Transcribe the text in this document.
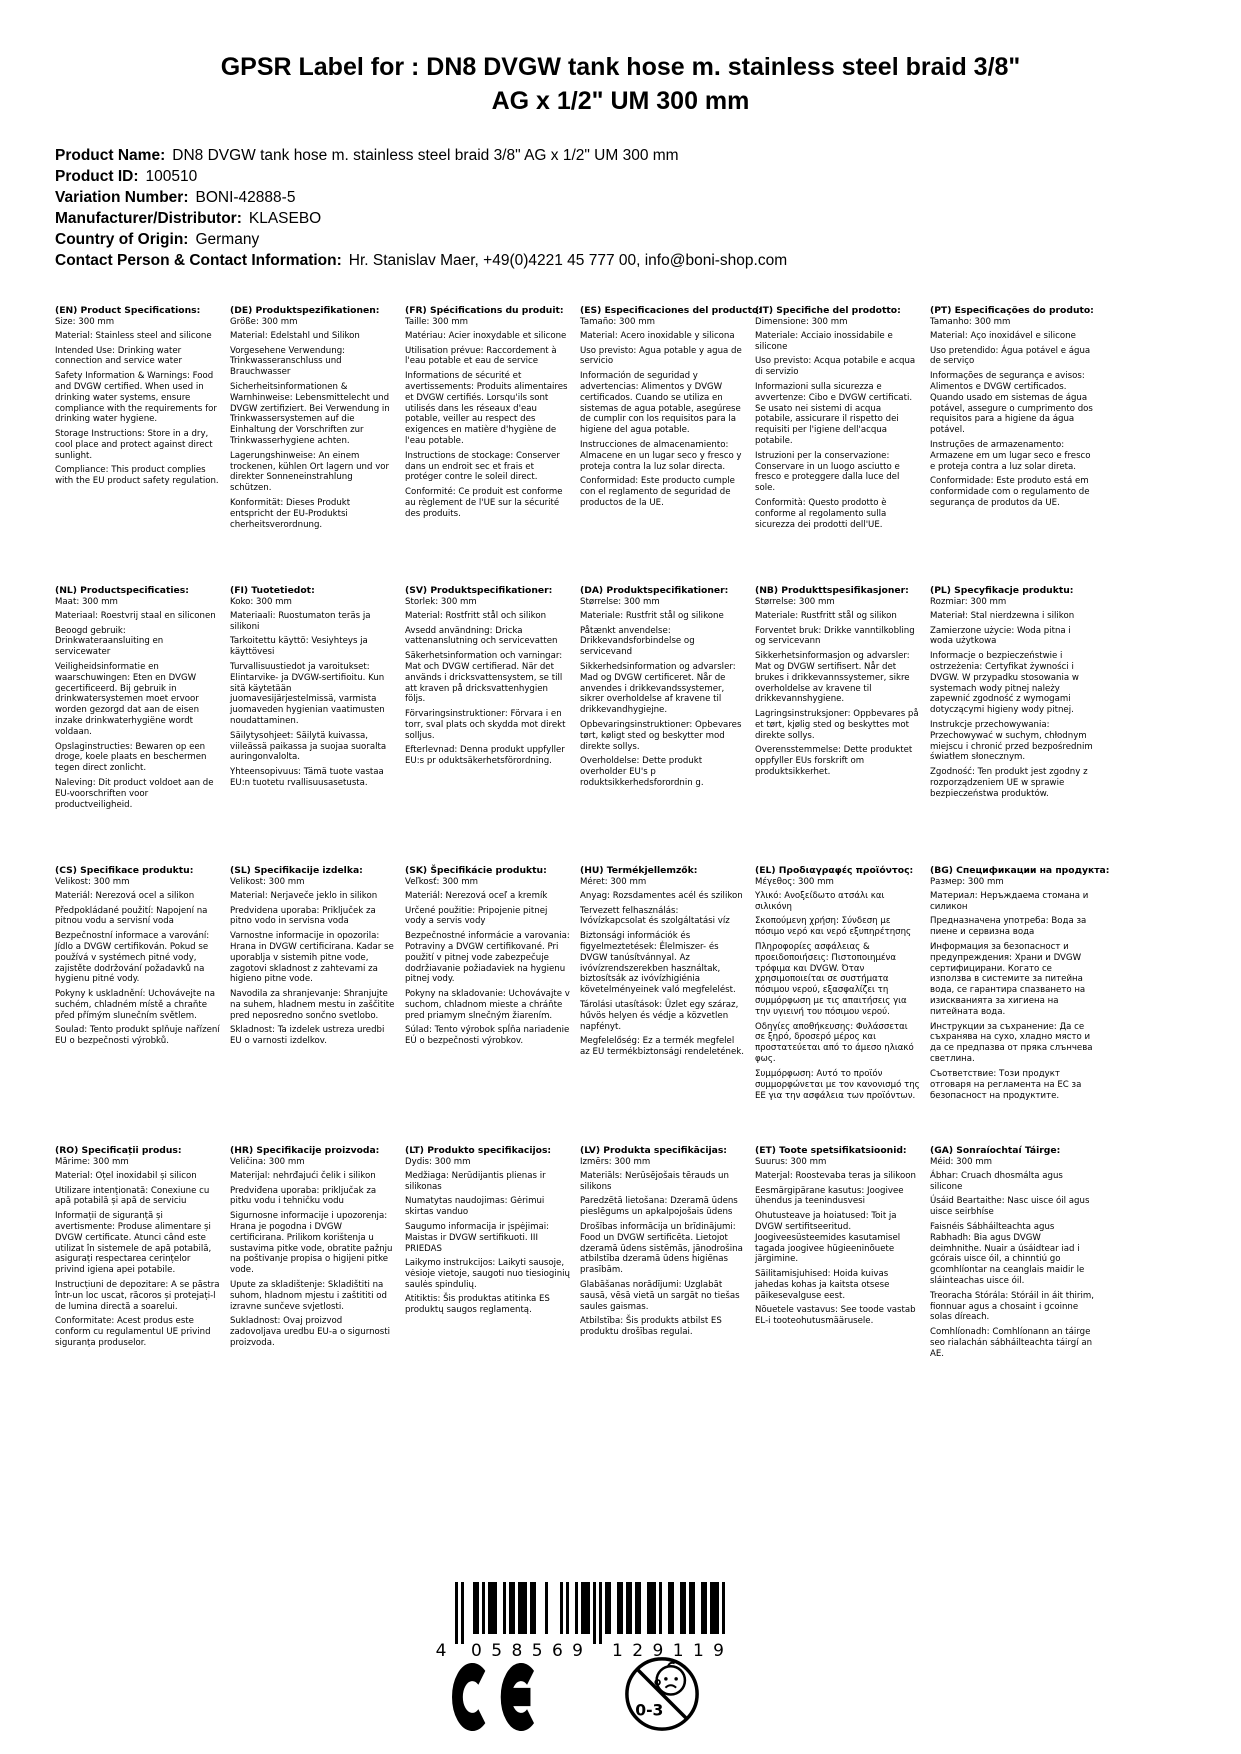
GPSR Label for : DN8 DVGW tank hose m. stainless steel braid 3/8"
AG x 1/2" UM 300 mm
Product Name: DN8 DVGW tank hose m. stainless steel braid 3/8" AG x 1/2" UM 300 mm
Product ID: 100510
Variation Number: BONI-42888-5
Manufacturer/Distributor: KLASEBO
Country of Origin: Germany
Contact Person & Contact Information: Hr. Stanislav Maer, +49(0)4221 45 777 00, info@boni-shop.com
(EN) Product Specifications:

Size: 300 mm

Material: Stainless steel and silicone

Intended Use: Drinking water connection and service water

Safety Information & Warnings: Food and DVGW certified. When used in drinking water systems, ensure compliance with the requirements for drinking water hygiene.

Storage Instructions: Store in a dry, cool place and protect against direct sunlight.

Compliance: This product complies with the EU product safety regulation.

(DE) Produktspezifikationen:

Größe: 300 mm

Material: Edelstahl und Silikon

Vorgesehene Verwendung: Trinkwasseranschluss und Brauchwasser

Sicherheitsinformationen & Warnhinweise: Lebensmittelecht und DVGW zertifiziert. Bei Verwendung in Trinkwassersystemen auf die Einhaltung der Vorschriften zur Trinkwasserhygiene achten.

Lagerungshinweise: An einem trockenen, kühlen Ort lagern und vor direkter Sonneneinstrahlung schützen.

Konformität: Dieses Produkt entspricht der EU-Produktsi cherheitsverordnung.

(FR) Spécifications du produit:

Taille: 300 mm

Matériau: Acier inoxydable et silicone

Utilisation prévue: Raccordement à l'eau potable et eau de service

Informations de sécurité et avertissements: Produits alimentaires et DVGW certifiés. Lorsqu'ils sont utilisés dans les réseaux d'eau potable, veiller au respect des exigences en matière d'hygiène de l'eau potable.

Instructions de stockage: Conserver dans un endroit sec et frais et protéger contre le soleil direct.

Conformité: Ce produit est conforme au règlement de l'UE sur la sécurité des produits.

(ES) Especificaciones del producto:

Tamaño: 300 mm

Material: Acero inoxidable y silicona

Uso previsto: Agua potable y agua de servicio

Información de seguridad y advertencias: Alimentos y DVGW certificados. Cuando se utiliza en sistemas de agua potable, asegúrese de cumplir con los requisitos para la higiene del agua potable.

Instrucciones de almacenamiento: Almacene en un lugar seco y fresco y proteja contra la luz solar directa.

Conformidad: Este producto cumple con el reglamento de seguridad de productos de la UE.

(IT) Specifiche del prodotto:

Dimensione: 300 mm

Materiale: Acciaio inossidabile e silicone

Uso previsto: Acqua potabile e acqua di servizio

Informazioni sulla sicurezza e avvertenze: Cibo e DVGW certificati. Se usato nei sistemi di acqua potabile, assicurare il rispetto dei requisiti per l'igiene dell'acqua potabile.

Istruzioni per la conservazione: Conservare in un luogo asciutto e fresco e proteggere dalla luce del sole.

Conformità: Questo prodotto è conforme al regolamento sulla sicurezza dei prodotti dell'UE.

(PT) Especificações do produto:

Tamanho: 300 mm

Material: Aço inoxidável e silicone

Uso pretendido: Água potável e água de serviço

Informações de segurança e avisos: Alimentos e DVGW certificados. Quando usado em sistemas de água potável, assegure o cumprimento dos requisitos para a higiene da água potável.

Instruções de armazenamento: Armazene em um lugar seco e fresco e proteja contra a luz solar direta.

Conformidade: Este produto está em conformidade com o regulamento de segurança de produtos da UE.

(NL) Productspecificaties:

Maat: 300 mm

Materiaal: Roestvrij staal en siliconen

Beoogd gebruik: Drinkwateraansluiting en servicewater

Veiligheidsinformatie en waarschuwingen: Eten en DVGW gecertificeerd. Bij gebruik in drinkwatersystemen moet ervoor worden gezorgd dat aan de eisen inzake drinkwaterhygiëne wordt voldaan.

Opslaginstructies: Bewaren op een droge, koele plaats en beschermen tegen direct zonlicht.

Naleving: Dit product voldoet aan de EU-voorschriften voor productveiligheid.

(FI) Tuotetiedot:

Koko: 300 mm

Materiaali: Ruostumaton teräs ja silikoni

Tarkoitettu käyttö: Vesiyhteys ja käyttövesi

Turvallisuustiedot ja varoitukset: Elintarvike- ja DVGW-sertifioitu. Kun sitä käytetään juomavesijärjestelmissä, varmista juomaveden hygienian vaatimusten noudattaminen.

Säilytysohjeet: Säilytä kuivassa, viileässä paikassa ja suojaa suoralta auringonvalolta.

Yhteensopivuus: Tämä tuote vastaa EU:n tuotetu rvallisuusasetusta.

(SV) Produktspecifikationer:

Storlek: 300 mm

Material: Rostfritt stål och silikon

Avsedd användning: Dricka vattenanslutning och servicevatten

Säkerhetsinformation och varningar: Mat och DVGW certifierad. När det används i dricksvattensystem, se till att kraven på dricksvattenhygien följs.

Förvaringsinstruktioner: Förvara i en torr, sval plats och skydda mot direkt solljus.

Efterlevnad: Denna produkt uppfyller EU:s pr oduktsäkerhetsförordning.

(DA) Produktspecifikationer:

Størrelse: 300 mm

Materiale: Rustfrit stål og silikone

Påtænkt anvendelse: Drikkevandsforbindelse og servicevand

Sikkerhedsinformation og advarsler: Mad og DVGW certificeret. Når de anvendes i drikkevandssystemer, sikrer overholdelse af kravene til drikkevandhygiejne.

Opbevaringsinstruktioner: Opbevares tørt, køligt sted og beskytter mod direkte sollys.

Overholdelse: Dette produkt overholder EU's p roduktsikkerhedsforordnin g.

(NB) Produkttspesifikasjoner:

Størrelse: 300 mm

Materiale: Rustfritt stål og silikon

Forventet bruk: Drikke vanntilkobling og servicevann

Sikkerhetsinformasjon og advarsler: Mat og DVGW sertifisert. Når det brukes i drikkevannssystemer, sikre overholdelse av kravene til drikkevannshygiene.

Lagringsinstruksjoner: Oppbevares på et tørt, kjølig sted og beskyttes mot direkte sollys.

Overensstemmelse: Dette produktet oppfyller EUs forskrift om produktsikkerhet.

(PL) Specyfikacje produktu:

Rozmiar: 300 mm

Materiał: Stal nierdzewna i silikon

Zamierzone użycie: Woda pitna i woda użytkowa

Informacje o bezpieczeństwie i ostrzeżenia: Certyfikat żywności i DVGW. W przypadku stosowania w systemach wody pitnej należy zapewnić zgodność z wymogami dotyczącymi higieny wody pitnej.

Instrukcje przechowywania: Przechowywać w suchym, chłodnym miejscu i chronić przed bezpośrednim światłem słonecznym.

Zgodność: Ten produkt jest zgodny z rozporządzeniem UE w sprawie bezpieczeństwa produktów.

(CS) Specifikace produktu:

Velikost: 300 mm

Materiál: Nerezová ocel a silikon

Předpokládané použití: Napojení na pitnou vodu a servisní voda

Bezpečnostní informace a varování: Jídlo a DVGW certifikován. Pokud se používá v systémech pitné vody, zajistěte dodržování požadavků na hygienu pitné vody.

Pokyny k uskladnění: Uchovávejte na suchém, chladném místě a chraňte před přímým slunečním světlem.

Soulad: Tento produkt splňuje nařízení EU o bezpečnosti výrobků.

(SL) Specifikacije izdelka:

Velikost: 300 mm

Material: Nerjaveče jeklo in silikon

Predvidena uporaba: Priključek za pitno vodo in servisna voda

Varnostne informacije in opozorila: Hrana in DVGW certificirana. Kadar se uporablja v sistemih pitne vode, zagotovi skladnost z zahtevami za higieno pitne vode.

Navodila za shranjevanje: Shranjujte na suhem, hladnem mestu in zaščitite pred neposredno sončno svetlobo.

Skladnost: Ta izdelek ustreza uredbi EU o varnosti izdelkov.

(SK) Špecifikácie produktu:

Veľkosť: 300 mm

Materiál: Nerezová oceľ a kremík

Určené použitie: Pripojenie pitnej vody a servis vody

Bezpečnostné informácie a varovania: Potraviny a DVGW certifikované. Pri použití v pitnej vode zabezpečuje dodržiavanie požiadaviek na hygienu pitnej vody.

Pokyny na skladovanie: Uchovávajte v suchom, chladnom mieste a chráňte pred priamym slnečným žiarením.

Súlad: Tento výrobok spĺňa nariadenie EÚ o bezpečnosti výrobkov.

(HU) Termékjellemzők:

Méret: 300 mm

Anyag: Rozsdamentes acél és szilikon

Tervezett felhasználás: Ivóvízkapcsolat és szolgáltatási víz

Biztonsági információk és figyelmeztetések: Élelmiszer- és DVGW tanúsítvánnyal. Az ivóvízrendszerekben használtak, biztosítsák az ivóvízhigiénia követelményeinek való megfelelést.

Tárolási utasítások: Üzlet egy száraz, hűvös helyen és védje a közvetlen napfényt.

Megfelelőség: Ez a termék megfelel az EU termékbiztonsági rendeletének.

(EL) Προδιαγραφές προϊόντος:

Μέγεθος: 300 mm

Υλικό: Ανοξείδωτο ατσάλι και σιλικόνη

Σκοπούμενη χρήση: Σύνδεση με πόσιμο νερό και νερό εξυπηρέτησης

Πληροφορίες ασφάλειας & προειδοποιήσεις: Πιστοποιημένα τρόφιμα και DVGW. Όταν χρησιμοποιείται σε συστήματα πόσιμου νερού, εξασφαλίζει τη συμμόρφωση με τις απαιτήσεις για την υγιεινή του πόσιμου νερού.

Οδηγίες αποθήκευσης: Φυλάσσεται σε ξηρό, δροσερό μέρος και προστατεύεται από το άμεσο ηλιακό φως.

Συμμόρφωση: Αυτό το προϊόν συμμορφώνεται με τον κανονισμό της ΕΕ για την ασφάλεια των προϊόντων.

(BG) Спецификации на продукта:

Размер: 300 mm

Материал: Неръждаема стомана и силикон

Предназначена употреба: Вода за пиене и сервизна вода

Информация за безопасност и предупреждения: Храни и DVGW сертифицирани. Когато се използва в системите за питейна вода, се гарантира спазването на изискванията за хигиена на питейната вода.

Инструкции за съхранение: Да се съхранява на сухо, хладно място и да се предпазва от пряка слънчева светлина.

Съответствие: Този продукт отговаря на регламента на ЕС за безопасност на продуктите.

(RO) Specificații produs:

Mărime: 300 mm

Material: Oțel inoxidabil și silicon

Utilizare intenționată: Conexiune cu apă potabilă și apă de serviciu

Informații de siguranță și avertismente: Produse alimentare și DVGW certificate. Atunci când este utilizat în sistemele de apă potabilă, asigurați respectarea cerințelor privind igiena apei potabile.

Instrucțiuni de depozitare: A se păstra într-un loc uscat, răcoros și protejați-l de lumina directă a soarelui.

Conformitate: Acest produs este conform cu regulamentul UE privind siguranța produselor.

(HR) Specifikacije proizvoda:

Veličina: 300 mm

Materijal: nehrđajući čelik i silikon

Predviđena uporaba: priključak za pitku vodu i tehničku vodu

Sigurnosne informacije i upozorenja: Hrana je pogodna i DVGW certificirana. Prilikom korištenja u sustavima pitke vode, obratite pažnju na poštivanje propisa o higijeni pitke vode.

Upute za skladištenje: Skladištiti na suhom, hladnom mjestu i zaštititi od izravne sunčeve svjetlosti.

Sukladnost: Ovaj proizvod zadovoljava uredbu EU-a o sigurnosti proizvoda.

(LT) Produkto specifikacijos:

Dydis: 300 mm

Medžiaga: Nerūdijantis plienas ir silikonas

Numatytas naudojimas: Gėrimui skirtas vanduo

Saugumo informacija ir įspėjimai: Maistas ir DVGW sertifikuoti. III PRIEDAS

Laikymo instrukcijos: Laikyti sausoje, vėsioje vietoje, saugoti nuo tiesioginių saulės spindulių.

Atitiktis: Šis produktas atitinka ES produktų saugos reglamentą.

(LV) Produkta specifikācijas:

Izmērs: 300 mm

Materiāls: Nerūsējošais tērauds un silikons

Paredzētā lietošana: Dzeramā ūdens pieslēgums un apkalpojošais ūdens

Drošības informācija un brīdinājumi: Food un DVGW sertificēta. Lietojot dzeramā ūdens sistēmās, jānodrošina atbilstība dzeramā ūdens higiēnas prasībām.

Glabāšanas norādījumi: Uzglabāt sausā, vēsā vietā un sargāt no tiešas saules gaismas.

Atbilstība: Šis produkts atbilst ES produktu drošības regulai.

(ET) Toote spetsifikatsioonid:

Suurus: 300 mm

Materjal: Roostevaba teras ja silikoon

Eesmärgipärane kasutus: Joogivee ühendus ja teenindusvesi

Ohutusteave ja hoiatused: Toit ja DVGW sertifitseeritud. Joogiveesüsteemides kasutamisel tagada joogivee hügieeninõuete järgimine.

Säilitamisjuhised: Hoida kuivas jahedas kohas ja kaitsta otsese päikesevalguse eest.

Nõuetele vastavus: See toode vastab EL-i tooteohutusmäärusele.

(GA) Sonraíochtaí Táirge:

Méid: 300 mm

Ábhar: Cruach dhosmálta agus silicone

Úsáid Beartaithe: Nasc uisce óil agus uisce seirbhíse

Faisnéis Sábháilteachta agus Rabhadh: Bia agus DVGW deimhnithe. Nuair a úsáidtear iad i gcórais uisce óil, a chinntiú go gcomhlíontar na ceanglais maidir le sláinteachas uisce óil.

Treoracha Stórála: Stóráil in áit thirim, fionnuar agus a chosaint i gcoinne solas díreach.

Comhlíonadh: Comhlíonann an táirge seo rialachán sábháilteachta táirgí an AE.

4 058569 129119
0-3
